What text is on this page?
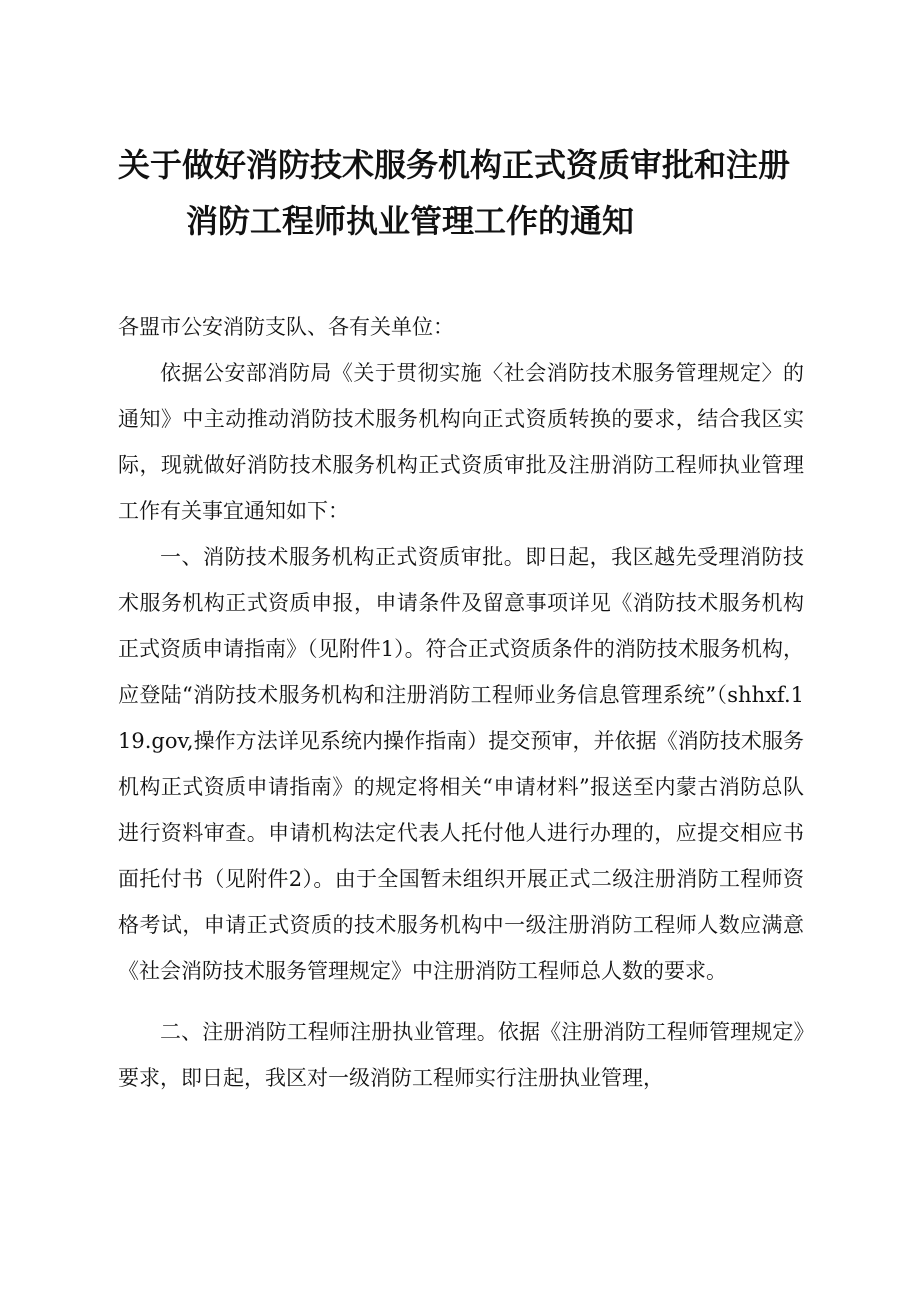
关于做好消防技术服务机构正式资质审批和注册
消防工程师执业管理工作的通知

各盟市公安消防支队、各有关单位：

依据公安部消防局《关于贯彻实施〈社会消防技术服务管理规定〉的通知》中主动推动消防技术服务机构向正式资质转换的要求，结合我区实际，现就做好消防技术服务机构正式资质审批及注册消防工程师执业管理工作有关事宜通知如下：

一、消防技术服务机构正式资质审批。即日起，我区越先受理消防技术服务机构正式资质申报，申请条件及留意事项详见《消防技术服务机构正式资质申请指南》（见附件1）。符合正式资质条件的消防技术服务机构，应登陆“消防技术服务机构和注册消防工程师业务信息管理系统”（shhxf.119.gov,操作方法详见系统内操作指南）提交预审，并依据《消防技术服务机构正式资质申请指南》的规定将相关“申请材料”报送至内蒙古消防总队进行资料审查。申请机构法定代表人托付他人进行办理的，应提交相应书面托付书（见附件2）。由于全国暂未组织开展正式二级注册消防工程师资格考试，申请正式资质的技术服务机构中一级注册消防工程师人数应满意《社会消防技术服务管理规定》中注册消防工程师总人数的要求。

二、注册消防工程师注册执业管理。依据《注册消防工程师管理规定》要求，即日起，我区对一级消防工程师实行注册执业管理，
